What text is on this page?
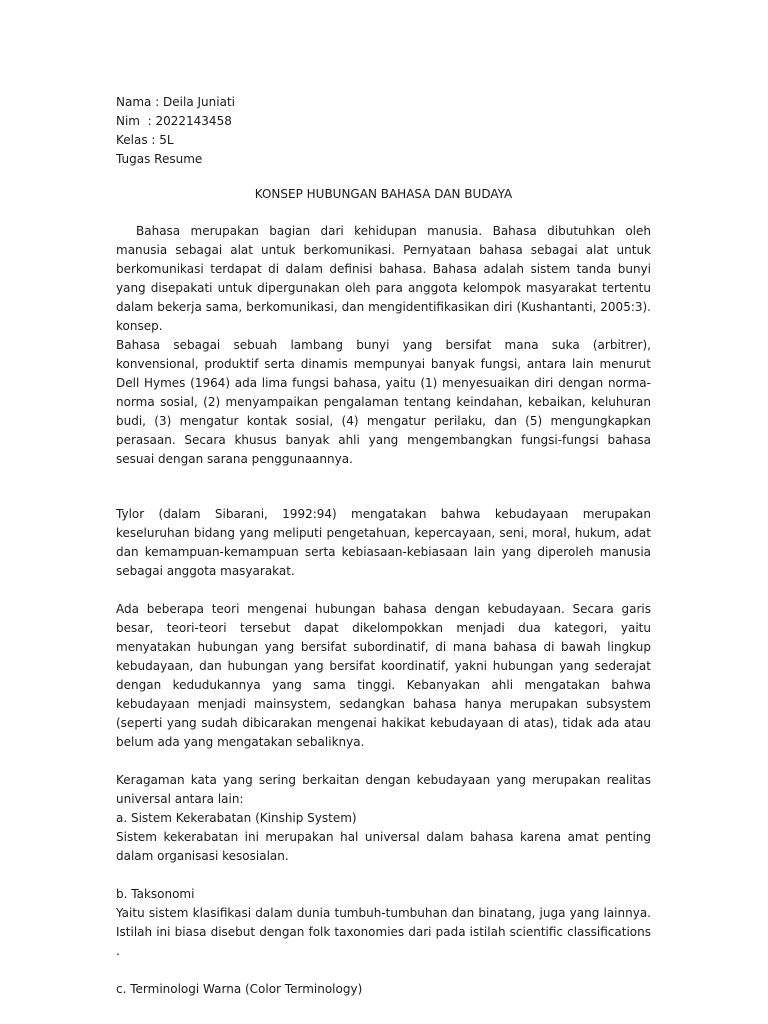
Nama : Deila Juniati

Nim  : 2022143458

Kelas : 5L

Tugas Resume

KONSEP HUBUNGAN BAHASA DAN BUDAYA

Bahasa merupakan bagian dari kehidupan manusia. Bahasa dibutuhkan oleh manusia sebagai alat untuk berkomunikasi. Pernyataan bahasa sebagai alat untuk berkomunikasi terdapat di dalam definisi bahasa. Bahasa adalah sistem tanda bunyi yang disepakati untuk dipergunakan oleh para anggota kelompok masyarakat tertentu dalam bekerja sama, berkomunikasi, dan mengidentifikasikan diri (Kushantanti, 2005:3). konsep.

Bahasa sebagai sebuah lambang bunyi yang bersifat mana suka (arbitrer), konvensional, produktif serta dinamis mempunyai banyak fungsi, antara lain menurut Dell Hymes (1964) ada lima fungsi bahasa, yaitu (1) menyesuaikan diri dengan norma-norma sosial, (2) menyampaikan pengalaman tentang keindahan, kebaikan, keluhuran budi, (3) mengatur kontak sosial, (4) mengatur perilaku, dan (5) mengungkapkan perasaan. Secara khusus banyak ahli yang mengembangkan fungsi-fungsi bahasa sesuai dengan sarana penggunaannya.

Tylor (dalam Sibarani, 1992:94) mengatakan bahwa kebudayaan merupakan keseluruhan bidang yang meliputi pengetahuan, kepercayaan, seni, moral, hukum, adat dan kemampuan-kemampuan serta kebiasaan-kebiasaan lain yang diperoleh manusia sebagai anggota masyarakat.

Ada beberapa teori mengenai hubungan bahasa dengan kebudayaan. Secara garis besar, teori-teori tersebut dapat dikelompokkan menjadi dua kategori, yaitu menyatakan hubungan yang bersifat subordinatif, di mana bahasa di bawah lingkup kebudayaan, dan hubungan yang bersifat koordinatif, yakni hubungan yang sederajat dengan kedudukannya yang sama tinggi. Kebanyakan ahli mengatakan bahwa kebudayaan menjadi mainsystem, sedangkan bahasa hanya merupakan subsystem (seperti yang sudah dibicarakan mengenai hakikat kebudayaan di atas), tidak ada atau belum ada yang mengatakan sebaliknya.

Keragaman kata yang sering berkaitan dengan kebudayaan yang merupakan realitas universal antara lain:

a. Sistem Kekerabatan (Kinship System)

Sistem kekerabatan ini merupakan hal universal dalam bahasa karena amat penting dalam organisasi kesosialan.

b. Taksonomi

Yaitu sistem klasifikasi dalam dunia tumbuh-tumbuhan dan binatang, juga yang lainnya. Istilah ini biasa disebut dengan folk taxonomies dari pada istilah scientific classifications .

c. Terminologi Warna (Color Terminology)
